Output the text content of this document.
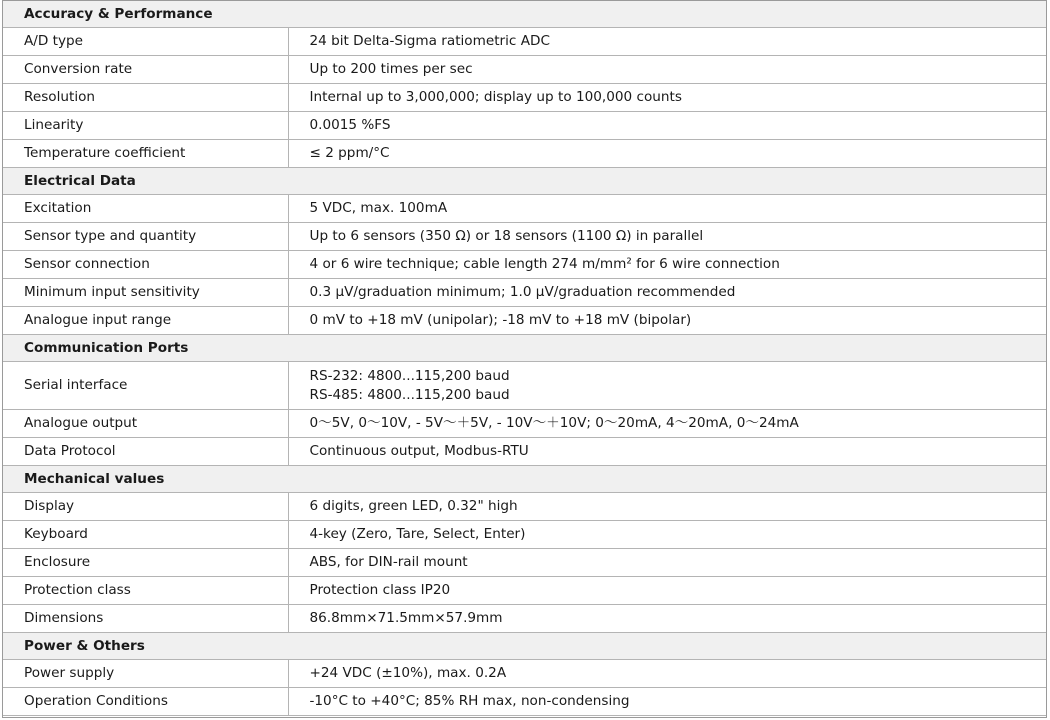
Accuracy & Performance	
A/D type	24 bit Delta-Sigma ratiometric ADC
Conversion rate	Up to 200 times per sec
Resolution	Internal up to 3,000,000; display up to 100,000 counts
Linearity	0.0015 %FS
Temperature coefficient	≤ 2 ppm/°C
Electrical Data	
Excitation	5 VDC, max. 100mA
Sensor type and quantity	Up to 6 sensors (350 Ω) or 18 sensors (1100 Ω) in parallel
Sensor connection	4 or 6 wire technique; cable length 274 m/mm² for 6 wire connection
Minimum input sensitivity	0.3 μV/graduation minimum; 1.0 μV/graduation recommended
Analogue input range	0 mV to +18 mV (unipolar); -18 mV to +18 mV (bipolar)
Communication Ports	
Serial interface	RS-232: 4800...115,200 baud
RS-485: 4800...115,200 baud

Analogue output	0～5V, 0～10V, - 5V～＋5V, - 10V～＋10V; 0～20mA, 4～20mA, 0～24mA
Data Protocol	Continuous output, Modbus-RTU
Mechanical values	
Display	6 digits, green LED, 0.32" high
Keyboard	4-key (Zero, Tare, Select, Enter)
Enclosure	ABS, for DIN-rail mount
Protection class	Protection class IP20
Dimensions	86.8mm×71.5mm×57.9mm
Power & Others	
Power supply	+24 VDC (±10%), max. 0.2A
Operation Conditions	-10°C to +40°C; 85% RH max, non-condensing
